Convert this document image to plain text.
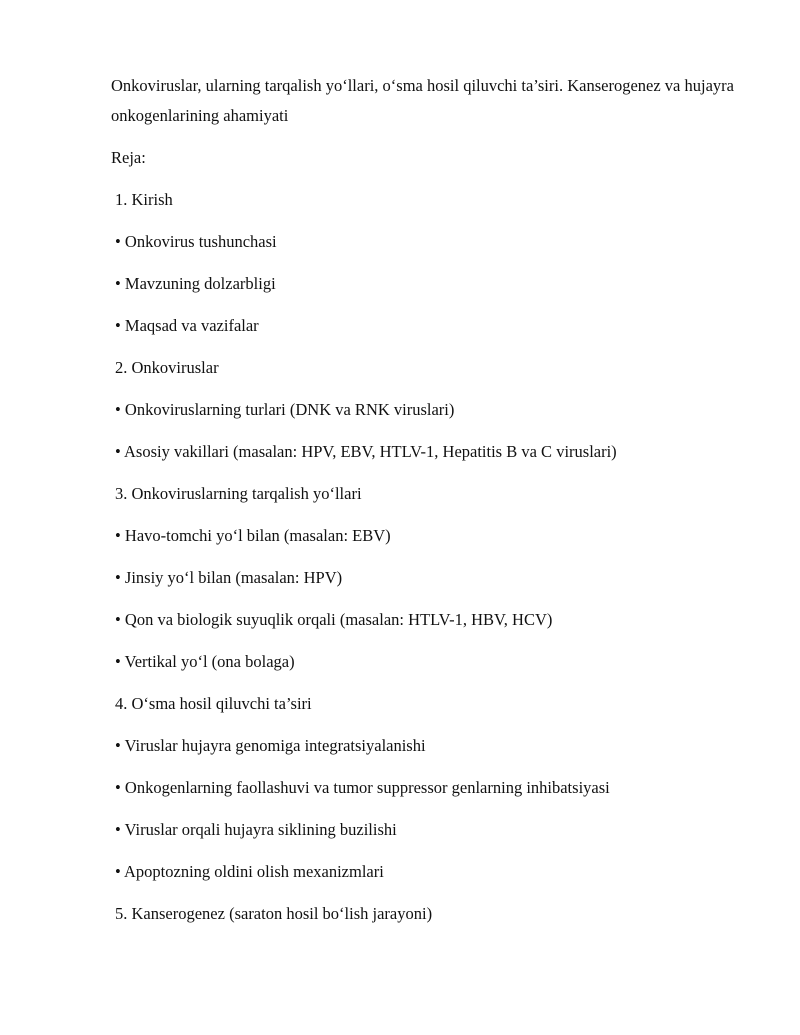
Onkoviruslar, ularning tarqalish yo‘llari, o‘sma hosil qiluvchi ta’siri. Kanserogenez va hujayra onkogenlarining ahamiyati

Reja:

1. Kirish
• Onkovirus tushunchasi
• Mavzuning dolzarbligi
• Maqsad va vazifalar
2. Onkoviruslar
• Onkoviruslarning turlari (DNK va RNK viruslari)
• Asosiy vakillari (masalan: HPV, EBV, HTLV-1, Hepatitis B va C viruslari)
3. Onkoviruslarning tarqalish yo‘llari
• Havo-tomchi yo‘l bilan (masalan: EBV)
• Jinsiy yo‘l bilan (masalan: HPV)
• Qon va biologik suyuqlik orqali (masalan: HTLV-1, HBV, HCV)
• Vertikal yo‘l (ona bolaga)
4. O‘sma hosil qiluvchi ta’siri
• Viruslar hujayra genomiga integratsiyalanishi
• Onkogenlarning faollashuvi va tumor suppressor genlarning inhibatsiyasi
• Viruslar orqali hujayra siklining buzilishi
• Apoptozning oldini olish mexanizmlari
5. Kanserogenez (saraton hosil bo‘lish jarayoni)
